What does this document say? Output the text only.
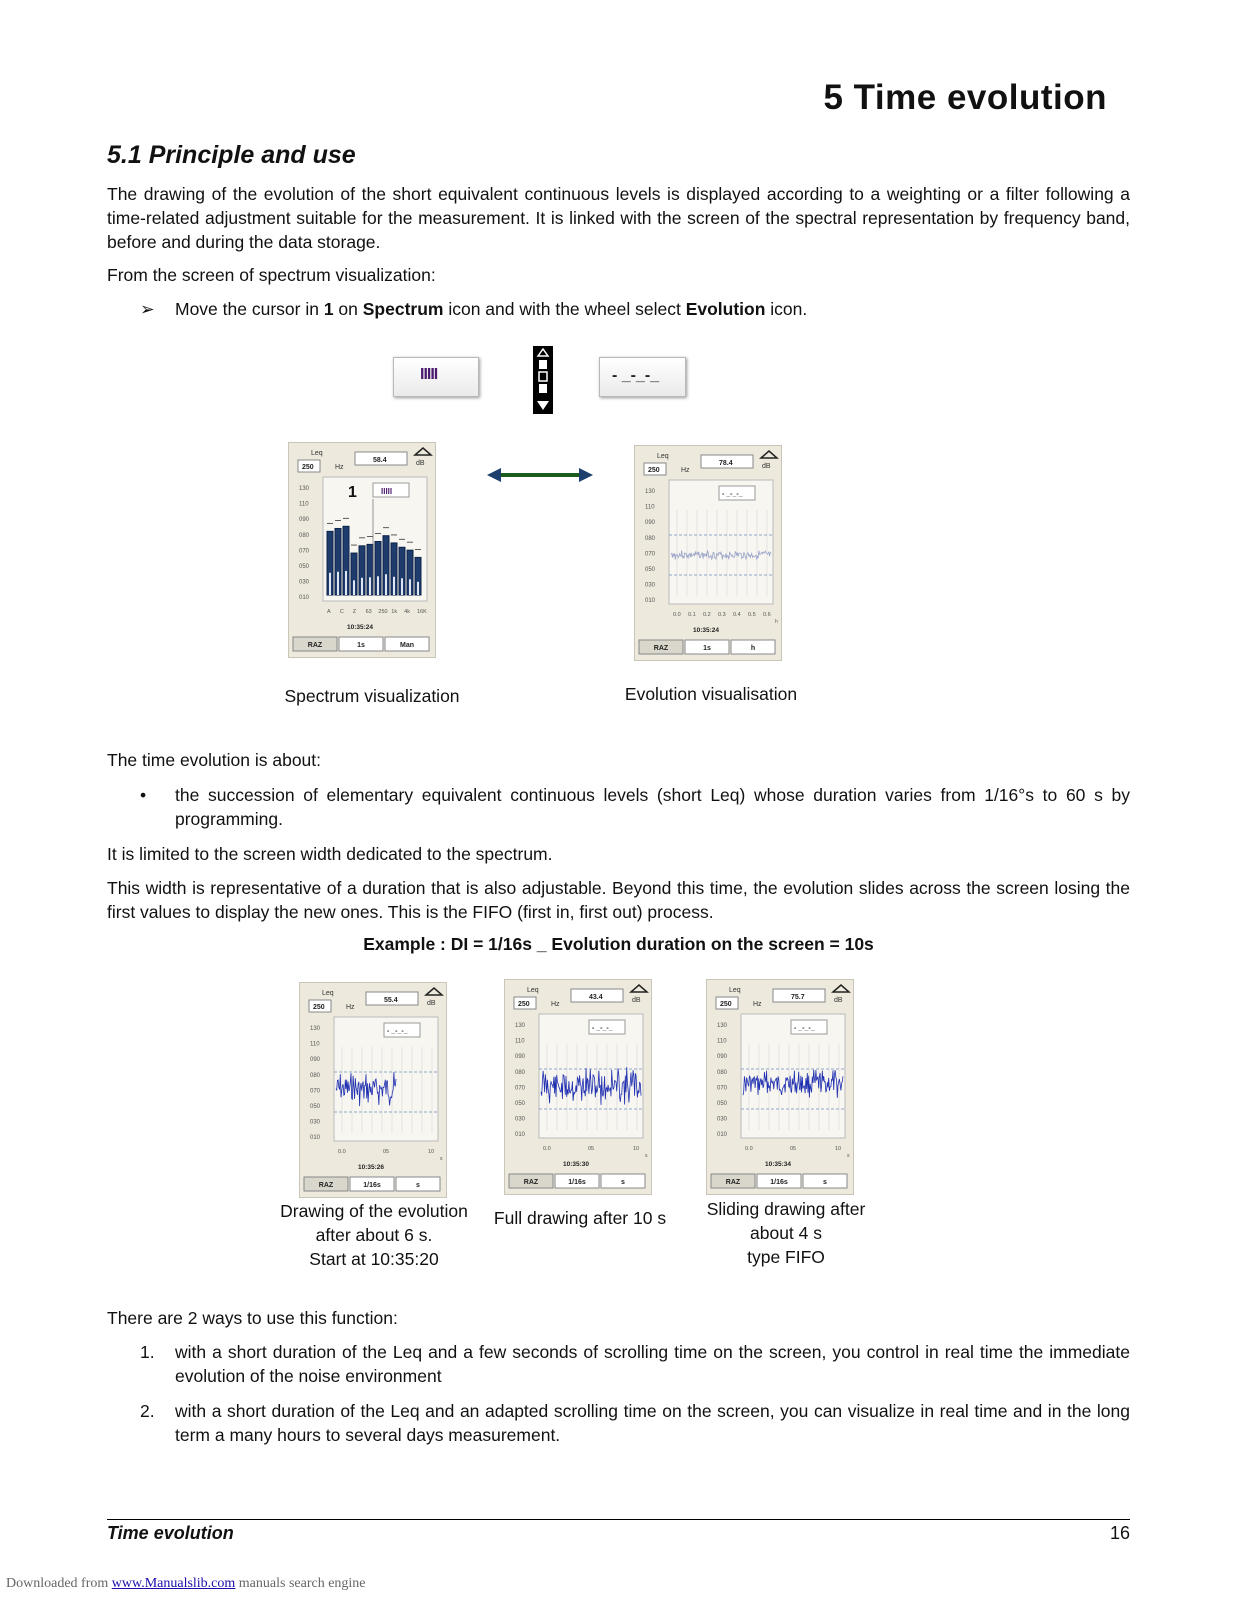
5 Time evolution
5.1 Principle and use
The drawing of the evolution of the short equivalent continuous levels is displayed according to a weighting or a filter following a time-related adjustment suitable for the measurement. It is linked with the screen of the spectral representation by frequency band, before and during the data storage.
From the screen of spectrum visualization:
➢	Move the cursor in 1 on Spectrum icon and with the wheel select Evolution icon.
IIIII	- _-_-_
Leq
250	Hz
58.4	dB
130
110
090
080
070
050
030
010
A C Z 63 250 1k 4k 16K
1	IIIII
10:35:24
RAZ	1s	Man
Leq
250	Hz
78.4	dB
130
110
090
080
070
050
030
010
0.0 0.1 0.2 0.3 0.4 0.5 0.6
h
- _-_-_
10:35:24
RAZ	1s	h
Spectrum visualization	Evolution visualisation
The time evolution is about:
•	the succession of elementary equivalent continuous levels (short Leq) whose duration varies from 1/16°s to 60 s by programming.
It is limited to the screen width dedicated to the spectrum.
This width is representative of a duration that is also adjustable. Beyond this time, the evolution slides across the screen losing the first values to display the new ones. This is the FIFO (first in, first out) process.
Example : DI = 1/16s _ Evolution duration on the screen = 10s
Leq
250	Hz
55.4	dB
130
110
090
080
070
050
030
010
0.0	05	10
s
- _-_-_
10:35:26
RAZ	1/16s	s
Leq
250	Hz
43.4	dB
130
110
090
080
070
050
030
010
0.0	05	10
s
- _-_-_
10:35:30
RAZ	1/16s	s
Leq
250	Hz
75.7	dB
130
110
090
080
070
050
030
010
0.0	05	10
s
- _-_-_
10:35:34
RAZ	1/16s	s
Drawing of the evolution
after about 6 s.
Start at 10:35:20
Full drawing after 10 s	Sliding drawing after
about 4 s
type FIFO
There are 2 ways to use this function:
1.	with a short duration of the Leq and a few seconds of scrolling time on the screen, you control in real time the immediate evolution of the noise environment
2.	with a short duration of the Leq and an adapted scrolling time on the screen, you can visualize in real time and in the long term a many hours to several days measurement.
Time evolution	16
Downloaded from www.Manualslib.com manuals search engine
